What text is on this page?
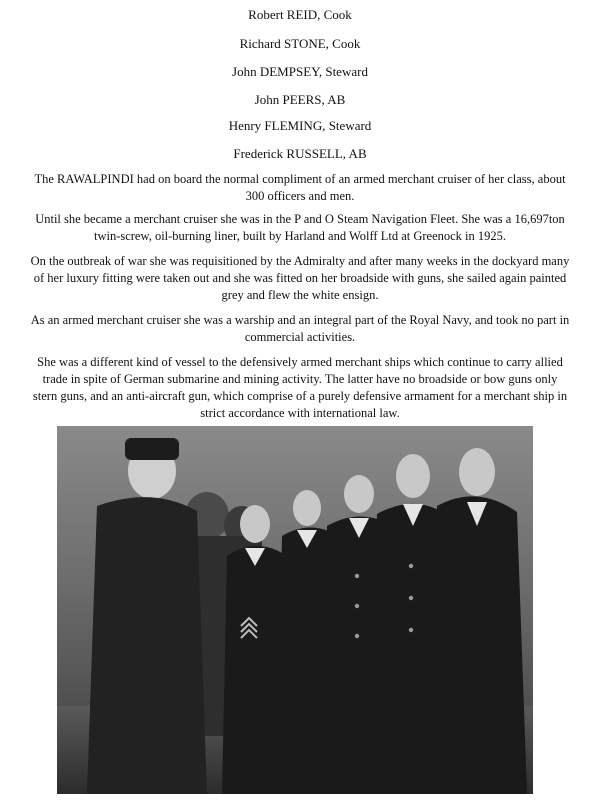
Robert REID, Cook
Richard STONE, Cook
John DEMPSEY, Steward
John PEERS, AB
Henry FLEMING, Steward
Frederick RUSSELL, AB
The RAWALPINDI had on board the normal compliment of an armed merchant cruiser of her class, about 300 officers and men.
Until she became a merchant cruiser she was in the P and O Steam Navigation Fleet. She was a 16,697ton twin-screw, oil-burning liner, built by Harland and Wolff Ltd at Greenock in 1925.
On the outbreak of war she was requisitioned by the Admiralty and after many weeks in the dockyard many of her luxury fitting were taken out and she was fitted on her broadside with guns, she sailed again painted grey and flew the white ensign.
As an armed merchant cruiser she was a warship and an integral part of the Royal Navy, and took no part in commercial activities.
She was a different kind of vessel to the defensively armed merchant ships which continue to carry allied trade in spite of German submarine and mining activity. The latter have no broadside or bow guns only stern guns, and an anti-aircraft gun, which comprise of a purely defensive armament for a merchant ship in strict accordance with international law.
